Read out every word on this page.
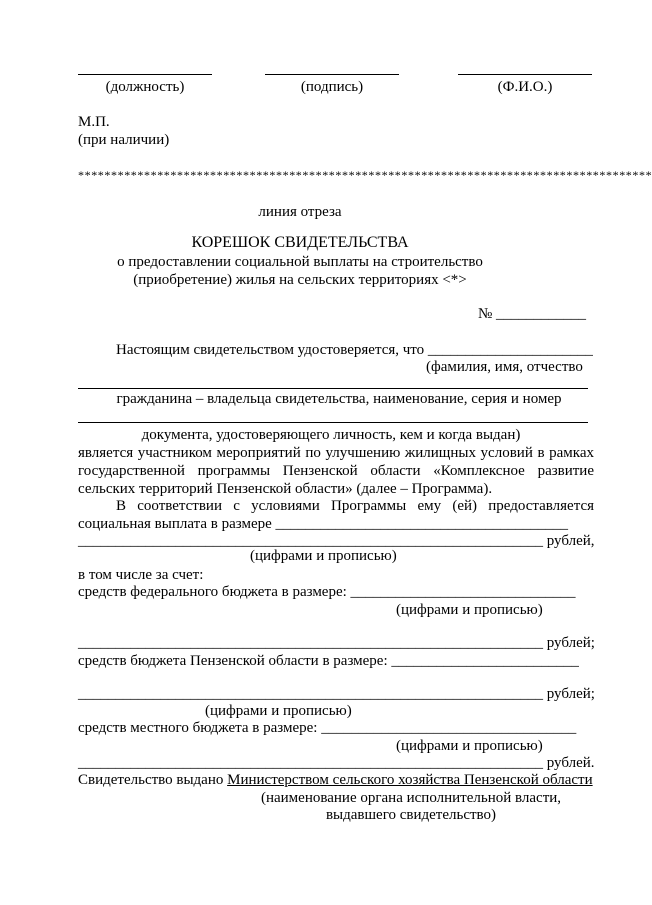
(должность)	(подпись)	(Ф.И.О.)
М.П.
(при наличии)
***************************************************************************************
линия отреза
КОРЕШОК СВИДЕТЕЛЬСТВА
о предоставлении социальной выплаты на строительство
(приобретение) жилья на сельских территориях <*>
№ ____________
Настоящим свидетельством удостоверяется, что ______________________
(фамилия, имя, отчество
гражданина – владельца свидетельства, наименование, серия и номер
документа, удостоверяющего личность, кем и когда выдан)
является участником мероприятий по улучшению жилищных условий в рамках
государственной программы Пензенской области «Комплексное развитие
сельских территорий Пензенской области» (далее – Программа).
В соответствии с условиями Программы ему (ей) предоставляется
социальная выплата в размере _______________________________________
______________________________________________________________ рублей,
(цифрами и прописью)
в том числе за счет:
средств федерального бюджета в размере: ______________________________
(цифрами и прописью)
______________________________________________________________ рублей;
средств бюджета Пензенской области в размере: _________________________
______________________________________________________________ рублей;
(цифрами и прописью)
средств местного бюджета в размере: __________________________________
(цифрами и прописью)
______________________________________________________________ рублей.
Свидетельство выдано Министерством сельского хозяйства Пензенской области
(наименование органа исполнительной власти,
выдавшего свидетельство)
